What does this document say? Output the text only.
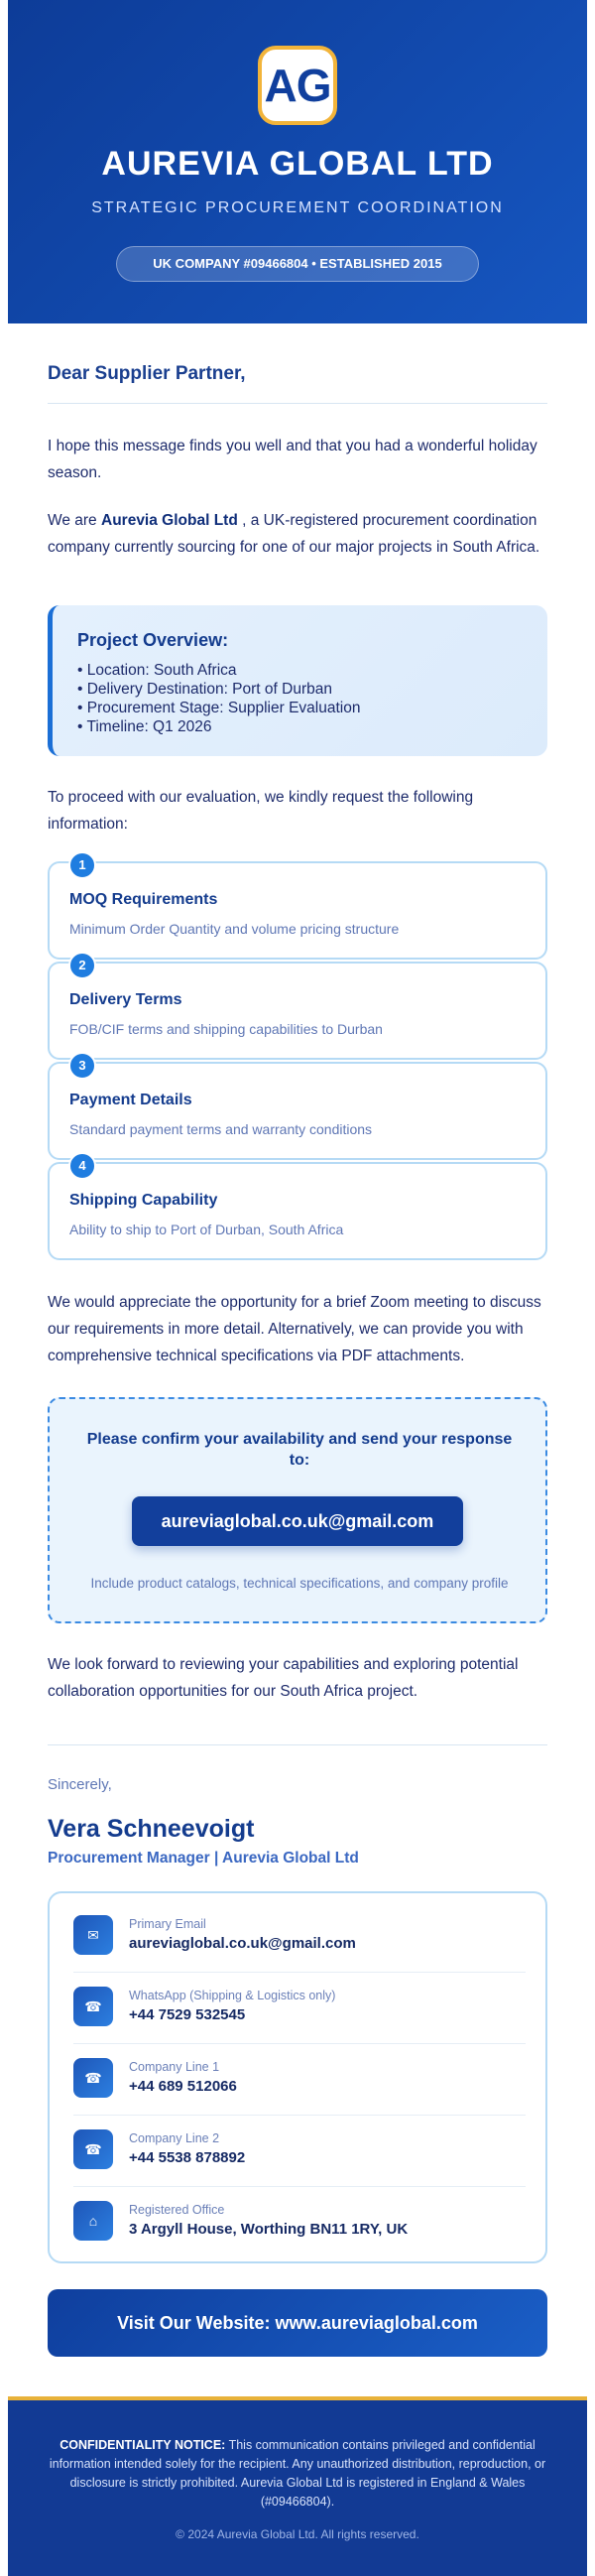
AG
AUREVIA GLOBAL LTD
STRATEGIC PROCUREMENT COORDINATION
UK COMPANY #09466804 • ESTABLISHED 2015
Dear Supplier Partner,

I hope this message finds you well and that you had a wonderful holiday season.

We are Aurevia Global Ltd , a UK-registered procurement coordination company currently sourcing for one of our major projects in South Africa.

Project Overview:
• Location: South Africa
• Delivery Destination: Port of Durban
• Procurement Stage: Supplier Evaluation
• Timeline: Q1 2026

To proceed with our evaluation, we kindly request the following information:

1
MOQ Requirements
Minimum Order Quantity and volume pricing structure
2
Delivery Terms
FOB/CIF terms and shipping capabilities to Durban
3
Payment Details
Standard payment terms and warranty conditions
4
Shipping Capability
Ability to ship to Port of Durban, South Africa

We would appreciate the opportunity for a brief Zoom meeting to discuss our requirements in more detail. Alternatively, we can provide you with comprehensive technical specifications via PDF attachments.

Please confirm your availability and send your response to:
aureviaglobal.co.uk@gmail.com
Include product catalogs, technical specifications, and company profile

We look forward to reviewing your capabilities and exploring potential collaboration opportunities for our South Africa project.

Sincerely,
Vera Schneevoigt
Procurement Manager | Aurevia Global Ltd
✉
Primary Email
aureviaglobal.co.uk@gmail.com
☎
WhatsApp (Shipping & Logistics only)
+44 7529 532545
☎
Company Line 1
+44 689 512066
☎
Company Line 2
+44 5538 878892
⌂
Registered Office
3 Argyll House, Worthing BN11 1RY, UK
Visit Our Website: www.aureviaglobal.com

CONFIDENTIALITY NOTICE: This communication contains privileged and confidential information intended solely for the recipient. Any unauthorized distribution, reproduction, or disclosure is strictly prohibited. Aurevia Global Ltd is registered in England & Wales (#09466804).

© 2024 Aurevia Global Ltd. All rights reserved.
